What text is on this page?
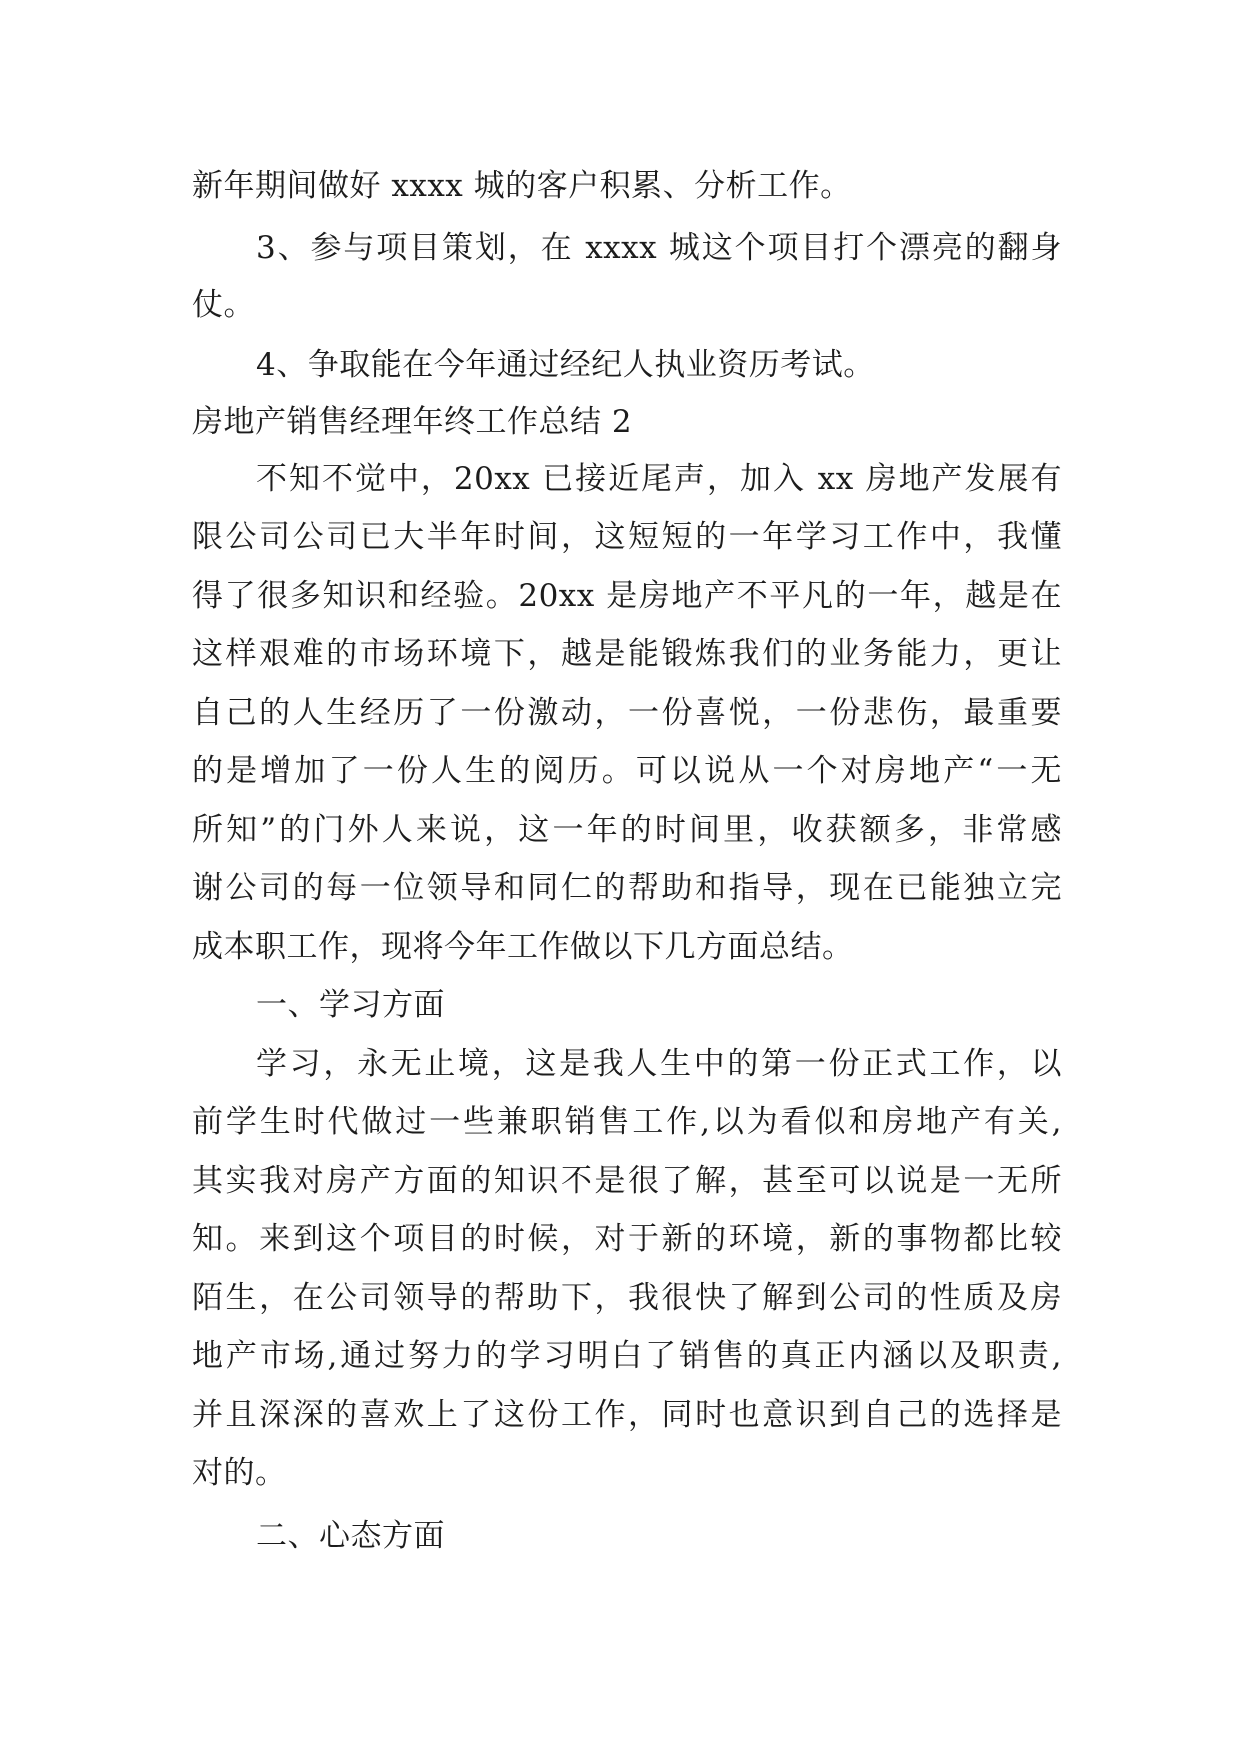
新年期间做好 xxxx 城的客户积累、分析工作。
3、参与项目策划，在 xxxx 城这个项目打个漂亮的翻身
仗。
4、争取能在今年通过经纪人执业资历考试。
房地产销售经理年终工作总结 2
不知不觉中，20xx 已接近尾声，加入 xx 房地产发展有
限公司公司已大半年时间，这短短的一年学习工作中，我懂
得了很多知识和经验。20xx 是房地产不平凡的一年，越是在
这样艰难的市场环境下，越是能锻炼我们的业务能力，更让
自己的人生经历了一份激动，一份喜悦，一份悲伤，最重要
的是增加了一份人生的阅历。可以说从一个对房地产“一无
所知”的门外人来说，这一年的时间里，收获额多，非常感
谢公司的每一位领导和同仁的帮助和指导，现在已能独立完
成本职工作，现将今年工作做以下几方面总结。
一、学习方面
学习，永无止境，这是我人生中的第一份正式工作，以
前学生时代做过一些兼职销售工作,以为看似和房地产有关,
其实我对房产方面的知识不是很了解，甚至可以说是一无所
知。来到这个项目的时候，对于新的环境，新的事物都比较
陌生，在公司领导的帮助下，我很快了解到公司的性质及房
地产市场,通过努力的学习明白了销售的真正内涵以及职责,
并且深深的喜欢上了这份工作，同时也意识到自己的选择是
对的。
二、心态方面
